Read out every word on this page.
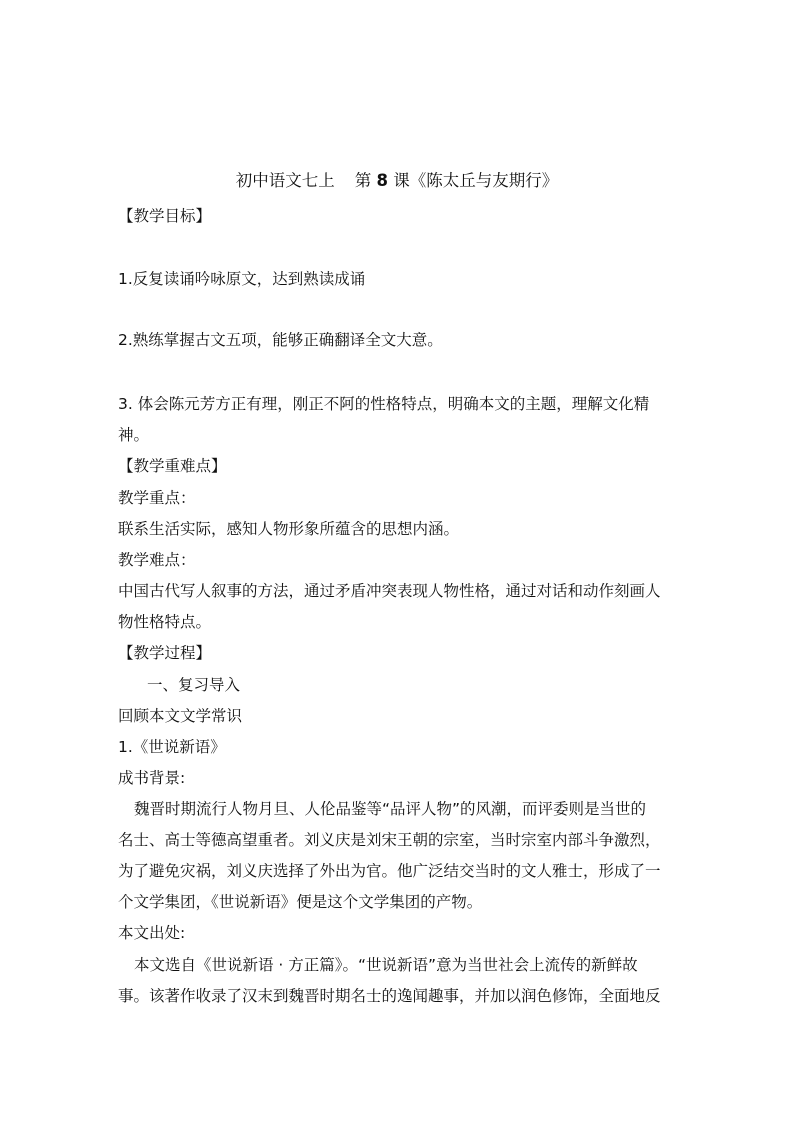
初中语文七上 第 8 课《陈太丘与友期行》
【教学目标】
1.反复读诵吟咏原文，达到熟读成诵
2.熟练掌握古文五项，能够正确翻译全文大意。
3. 体会陈元芳方正有理，刚正不阿的性格特点，明确本文的主题，理解文化精
神。
【教学重难点】
教学重点：
联系生活实际，感知人物形象所蕴含的思想内涵。
教学难点：
中国古代写人叙事的方法，通过矛盾冲突表现人物性格，通过对话和动作刻画人
物性格特点。
【教学过程】
一、复习导入
回顾本文文学常识
1.《世说新语》
成书背景:
魏晋时期流行人物月旦、人伦品鉴等“品评人物”的风潮，而评委则是当世的
名士、高士等德高望重者。刘义庆是刘宋王朝的宗室，当时宗室内部斗争激烈，
为了避免灾祸，刘义庆选择了外出为官。他广泛结交当时的文人雅士，形成了一
个文学集团，《世说新语》便是这个文学集团的产物。
本文出处:
本文选自《世说新语 · 方正篇》。“世说新语”意为当世社会上流传的新鲜故
事。该著作收录了汉末到魏晋时期名士的逸闻趣事，并加以润色修饰，全面地反
